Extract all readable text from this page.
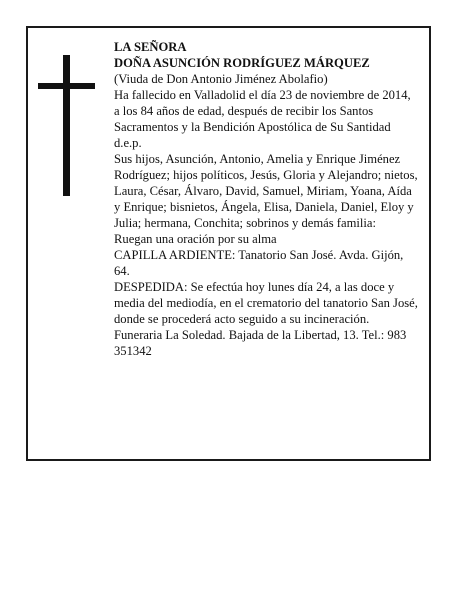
LA SEÑORA
DOÑA ASUNCIÓN RODRÍGUEZ MÁRQUEZ
(Viuda de Don Antonio Jiménez Abolafio)
Ha fallecido en Valladolid el día 23 de noviembre de 2014, a los 84 años de edad, después de recibir los Santos Sacramentos y la Bendición Apostólica de Su Santidad
d.e.p.
Sus hijos, Asunción, Antonio, Amelia y Enrique Jiménez Rodríguez; hijos políticos, Jesús, Gloria y Alejandro; nietos, Laura, César, Álvaro, David, Samuel, Miriam, Yoana, Aída y Enrique; bisnietos, Ángela, Elisa, Daniela, Daniel, Eloy y Julia; hermana, Conchita; sobrinos y demás familia:
Ruegan una oración por su alma
CAPILLA ARDIENTE: Tanatorio San José. Avda. Gijón, 64.
DESPEDIDA: Se efectúa hoy lunes día 24, a las doce y media del mediodía, en el crematorio del tanatorio San José, donde se procederá acto seguido a su incineración.
Funeraria La Soledad. Bajada de la Libertad, 13. Tel.: 983 351342
